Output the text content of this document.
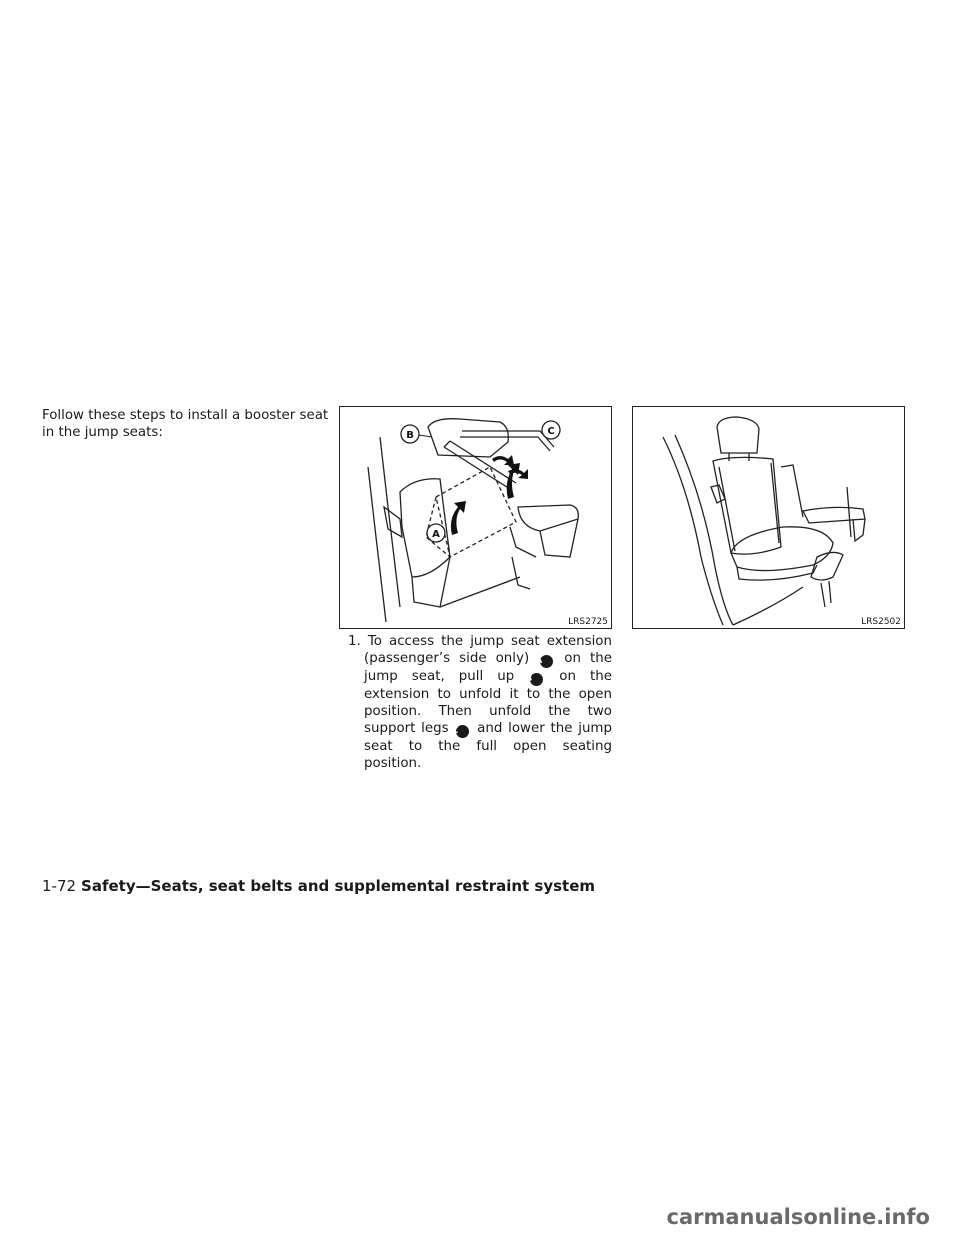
Follow these steps to install a booster seat in the jump seats:	B	C
A
LRS2725	LRS2502
1. To access the jump seat extension (passenger’s side only) A on the jump seat, pull up B on the extension to unfold it to the open position. Then unfold the two support legs C and lower the jump seat to the full open seating position.
1-72 Safety—Seats, seat belts and supplemental restraint system
carmanualsonline.info
